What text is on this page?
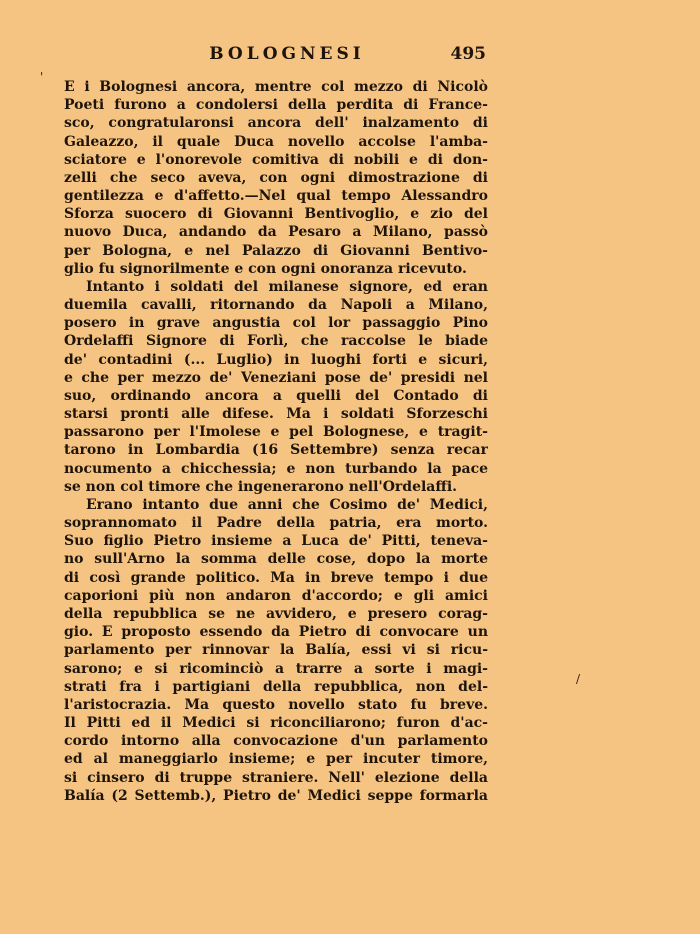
BOLOGNESI	495
'
/
E i Bolognesi ancora, mentre col mezzo di Nicolò
Poeti furono a condolersi della perdita di France-
sco, congratularonsi ancora dell' inalzamento di
Galeazzo, il quale Duca novello accolse l'amba-
sciatore e l'onorevole comitiva di nobili e di don-
zelli che seco aveva, con ogni dimostrazione di
gentilezza e d'affetto.—Nel qual tempo Alessandro
Sforza suocero di Giovanni Bentivoglio, e zio del
nuovo Duca, andando da Pesaro a Milano, passò
per Bologna, e nel Palazzo di Giovanni Bentivo-
glio fu signorilmente e con ogni onoranza ricevuto.
Intanto i soldati del milanese signore, ed eran
duemila cavalli, ritornando da Napoli a Milano,
posero in grave angustia col lor passaggio Pino
Ordelaffi Signore di Forlì, che raccolse le biade
de' contadini (... Luglio) in luoghi forti e sicuri,
e che per mezzo de' Veneziani pose de' presidi nel
suo, ordinando ancora a quelli del Contado di
starsi pronti alle difese. Ma i soldati Sforzeschi
passarono per l'Imolese e pel Bolognese, e tragit-
tarono in Lombardia (16 Settembre) senza recar
nocumento a chicchessia; e non turbando la pace
se non col timore che ingenerarono nell'Ordelaffi.
Erano intanto due anni che Cosimo de' Medici,
soprannomato il Padre della patria, era morto.
Suo figlio Pietro insieme a Luca de' Pitti, teneva-
no sull'Arno la somma delle cose, dopo la morte
di così grande politico. Ma in breve tempo i due
caporioni più non andaron d'accordo; e gli amici
della repubblica se ne avvidero, e presero corag-
gio. E proposto essendo da Pietro di convocare un
parlamento per rinnovar la Balía, essi vi si ricu-
sarono; e si ricominciò a trarre a sorte i magi-
strati fra i partigiani della repubblica, non del-
l'aristocrazia. Ma questo novello stato fu breve.
Il Pitti ed il Medici si riconciliarono; furon d'ac-
cordo intorno alla convocazione d'un parlamento
ed al maneggiarlo insieme; e per incuter timore,
si cinsero di truppe straniere. Nell' elezione della
Balía (2 Settemb.), Pietro de' Medici seppe formarla
